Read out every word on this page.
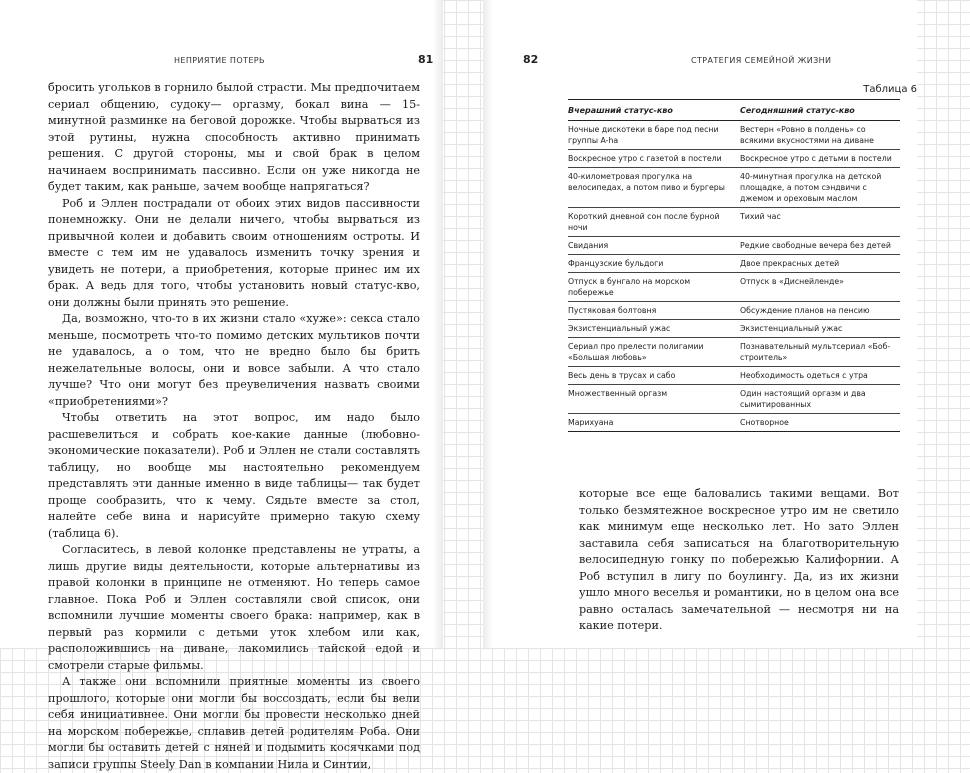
НЕПРИЯТИЕ ПОТЕРЬ	81

бросить угольков в горнило былой страсти. Мы предпочитаем сериал общению, судоку— оргазму, бокал вина — 15-минутной разминке на беговой дорожке. Чтобы вырваться из этой рутины, нужна способность активно принимать решения. С другой стороны, мы и свой брак в целом начинаем воспринимать пассивно. Если он уже никогда не будет таким, как раньше, зачем вообще напрягаться?

Роб и Эллен пострадали от обоих этих видов пассивности понемножку. Они не делали ничего, чтобы вырваться из привычной колеи и добавить своим отношениям остроты. И вместе с тем им не удавалось изменить точку зрения и увидеть не потери, а приобретения, которые принес им их брак. А ведь для того, чтобы установить новый статус-кво, они должны были принять это решение.

Да, возможно, что-то в их жизни стало «хуже»: секса стало меньше, посмотреть что-то помимо детских мультиков почти не удавалось, а о том, что не вредно было бы брить нежелательные волосы, они и вовсе забыли. А что стало лучше? Что они могут без преувеличения назвать своими «приобретениями»?

Чтобы ответить на этот вопрос, им надо было расшевелиться и собрать кое-какие данные (любовно-экономические показатели). Роб и Эллен не стали составлять таблицу, но вообще мы настоятельно рекомендуем представлять эти данные именно в виде таблицы— так будет проще сообразить, что к чему. Сядьте вместе за стол, налейте себе вина и нарисуйте примерно такую схему (таблица 6).

Согласитесь, в левой колонке представлены не утраты, а лишь другие виды деятельности, которые альтернативы из правой колонки в принципе не отменяют. Но теперь самое главное. Пока Роб и Эллен составляли свой список, они вспомнили лучшие моменты своего брака: например, как в первый раз кормили с детьми уток хлебом или как, расположившись на диване, лакомились тайской едой и смотрели старые фильмы.

А также они вспомнили приятные моменты из своего прошлого, которые они могли бы воссоздать, если бы вели себя инициативнее. Они могли бы провести несколько дней на морском побережье, сплавив детей родителям Роба. Они могли бы оставить детей с няней и подымить косячками под записи группы Steely Dan в компании Нила и Синтии,

82	СТРАТЕГИЯ СЕМЕЙНОЙ ЖИЗНИ
Таблица 6
Вчерашний статус-кво	Сегодняшний статус-кво
Ночные дискотеки в баре под песни группы A-ha	Вестерн «Ровно в полдень» со всякими вкусностями на диване
Воскресное утро с газетой в постели	Воскресное утро с детьми в постели
40-километровая прогулка на велосипедах, а потом пиво и бургеры	40-минутная прогулка на детской площадке, а потом сэндвичи с джемом и ореховым маслом
Короткий дневной сон после бурной ночи	Тихий час
Свидания	Редкие свободные вечера без детей
Французские бульдоги	Двое прекрасных детей
Отпуск в бунгало на морском побережье	Отпуск в «Диснейленде»
Пустяковая болтовня	Обсуждение планов на пенсию
Экзистенциальный ужас	Экзистенциальный ужас
Сериал про прелести полигамии «Большая любовь»	Познавательный мультсериал «Боб-строитель»
Весь день в трусах и сабо	Необходимость одеться с утра
Множественный оргазм	Один настоящий оргазм и два сымитированных
Марихуана	Снотворное

которые все еще баловались такими вещами. Вот только безмятежное воскресное утро им не светило как минимум еще несколько лет. Но зато Эллен заставила себя записаться на благотворительную велосипедную гонку по побережью Калифорнии. А Роб вступил в лигу по боулингу. Да, из их жизни ушло много веселья и романтики, но в целом она все равно осталась замечательной — несмотря ни на какие потери.
